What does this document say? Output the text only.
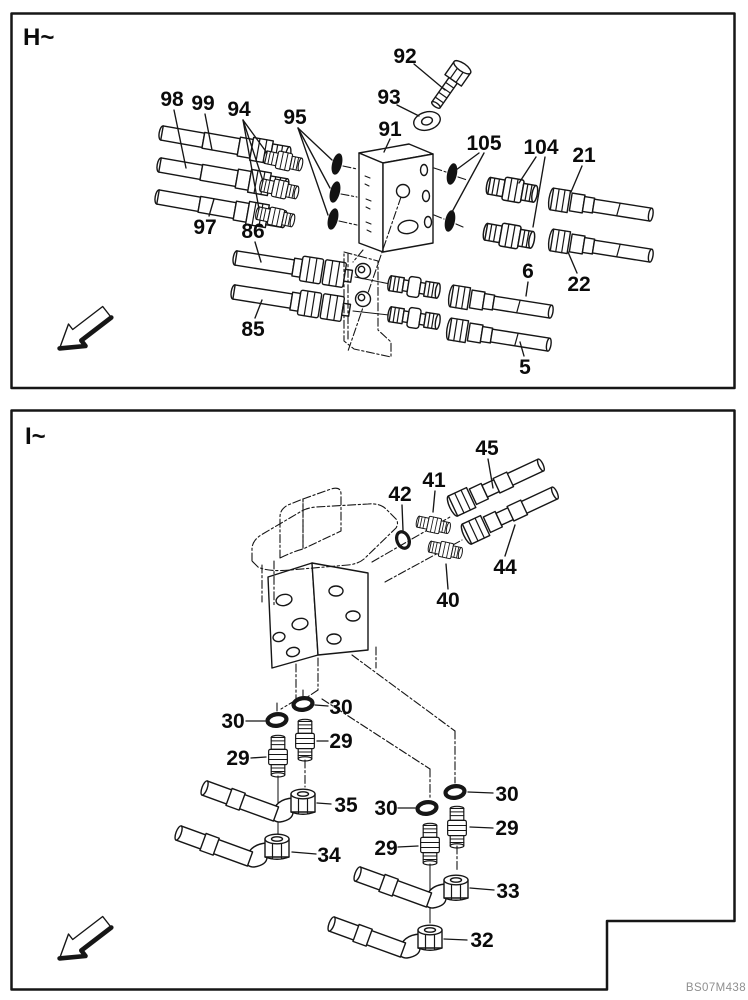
H~
98 99 94 95
92
93
91
105 104 21
22
86
85
97
6
5
I~
42
41
45
40
44
30
30
29
29
35
34
30
30
29
29
33
32
BS07M438
